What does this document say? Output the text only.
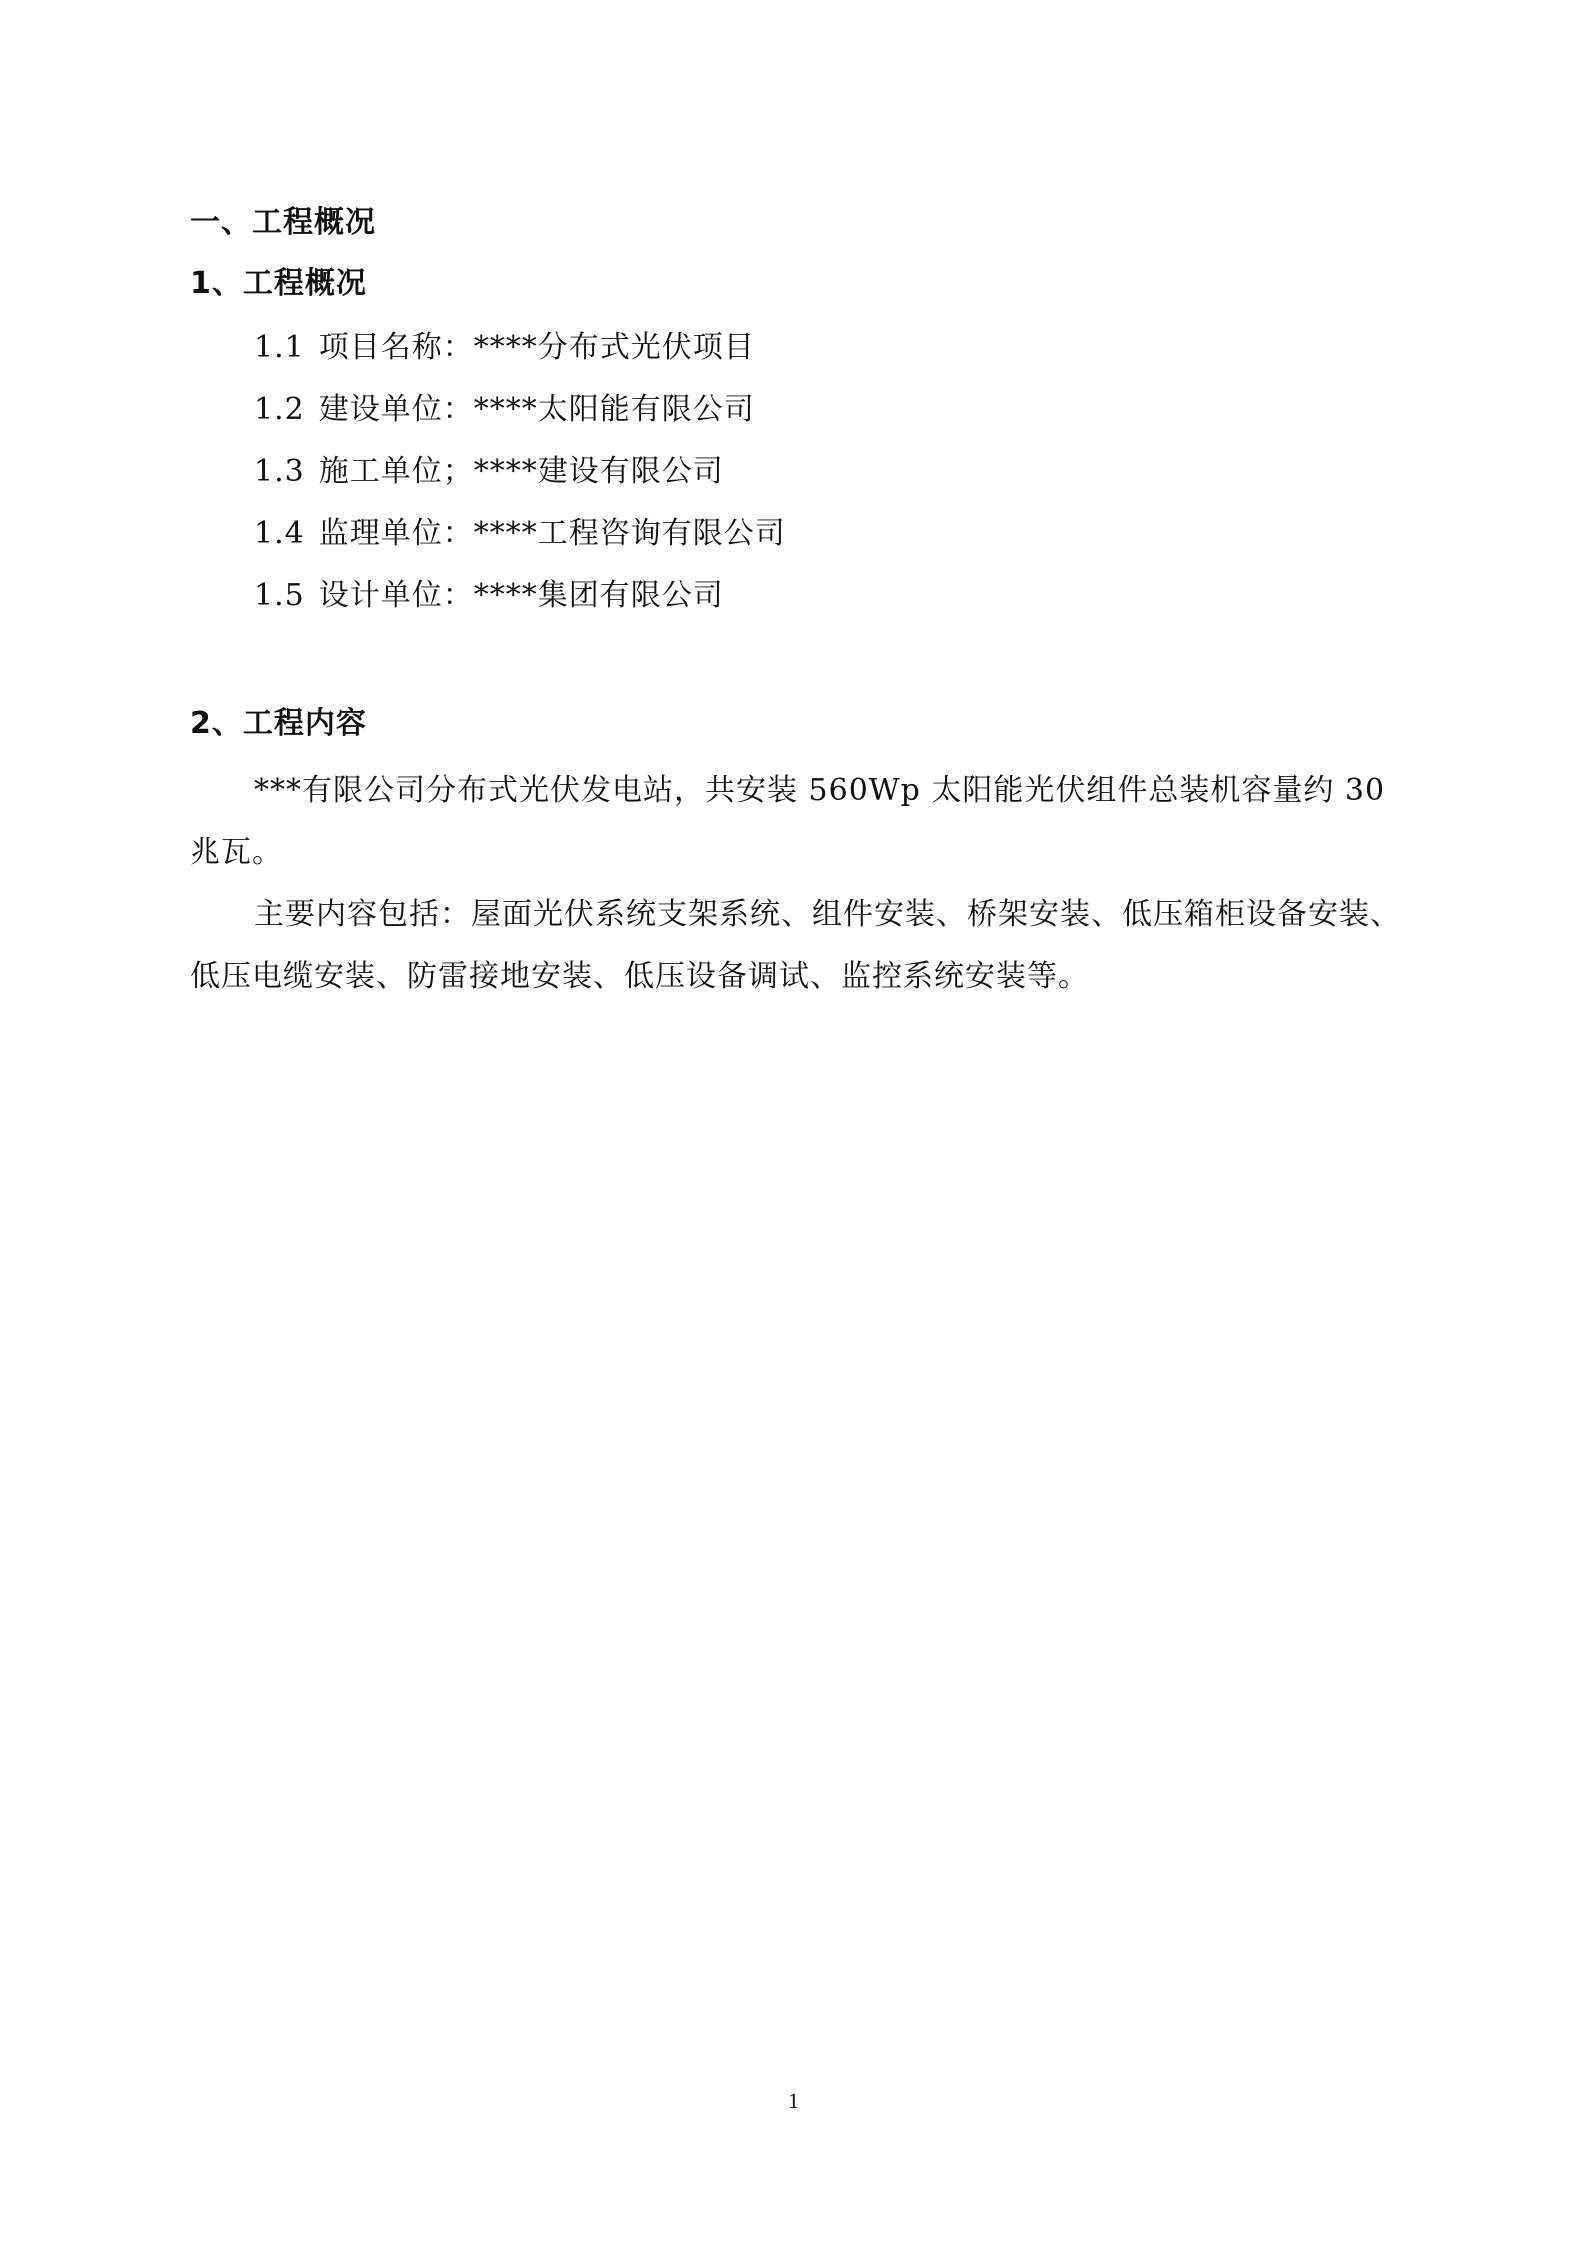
一、工程概况
1、工程概况
1.1 项目名称：****分布式光伏项目
1.2 建设单位：****太阳能有限公司
1.3 施工单位；****建设有限公司
1.4 监理单位：****工程咨询有限公司
1.5 设计单位：****集团有限公司
2、工程内容

***有限公司分布式光伏发电站，共安装 560Wp 太阳能光伏组件总装机容量约 30 兆瓦。

主要内容包括：屋面光伏系统支架系统、组件安装、桥架安装、低压箱柜设备安装、低压电缆安装、防雷接地安装、低压设备调试、监控系统安装等。

1
